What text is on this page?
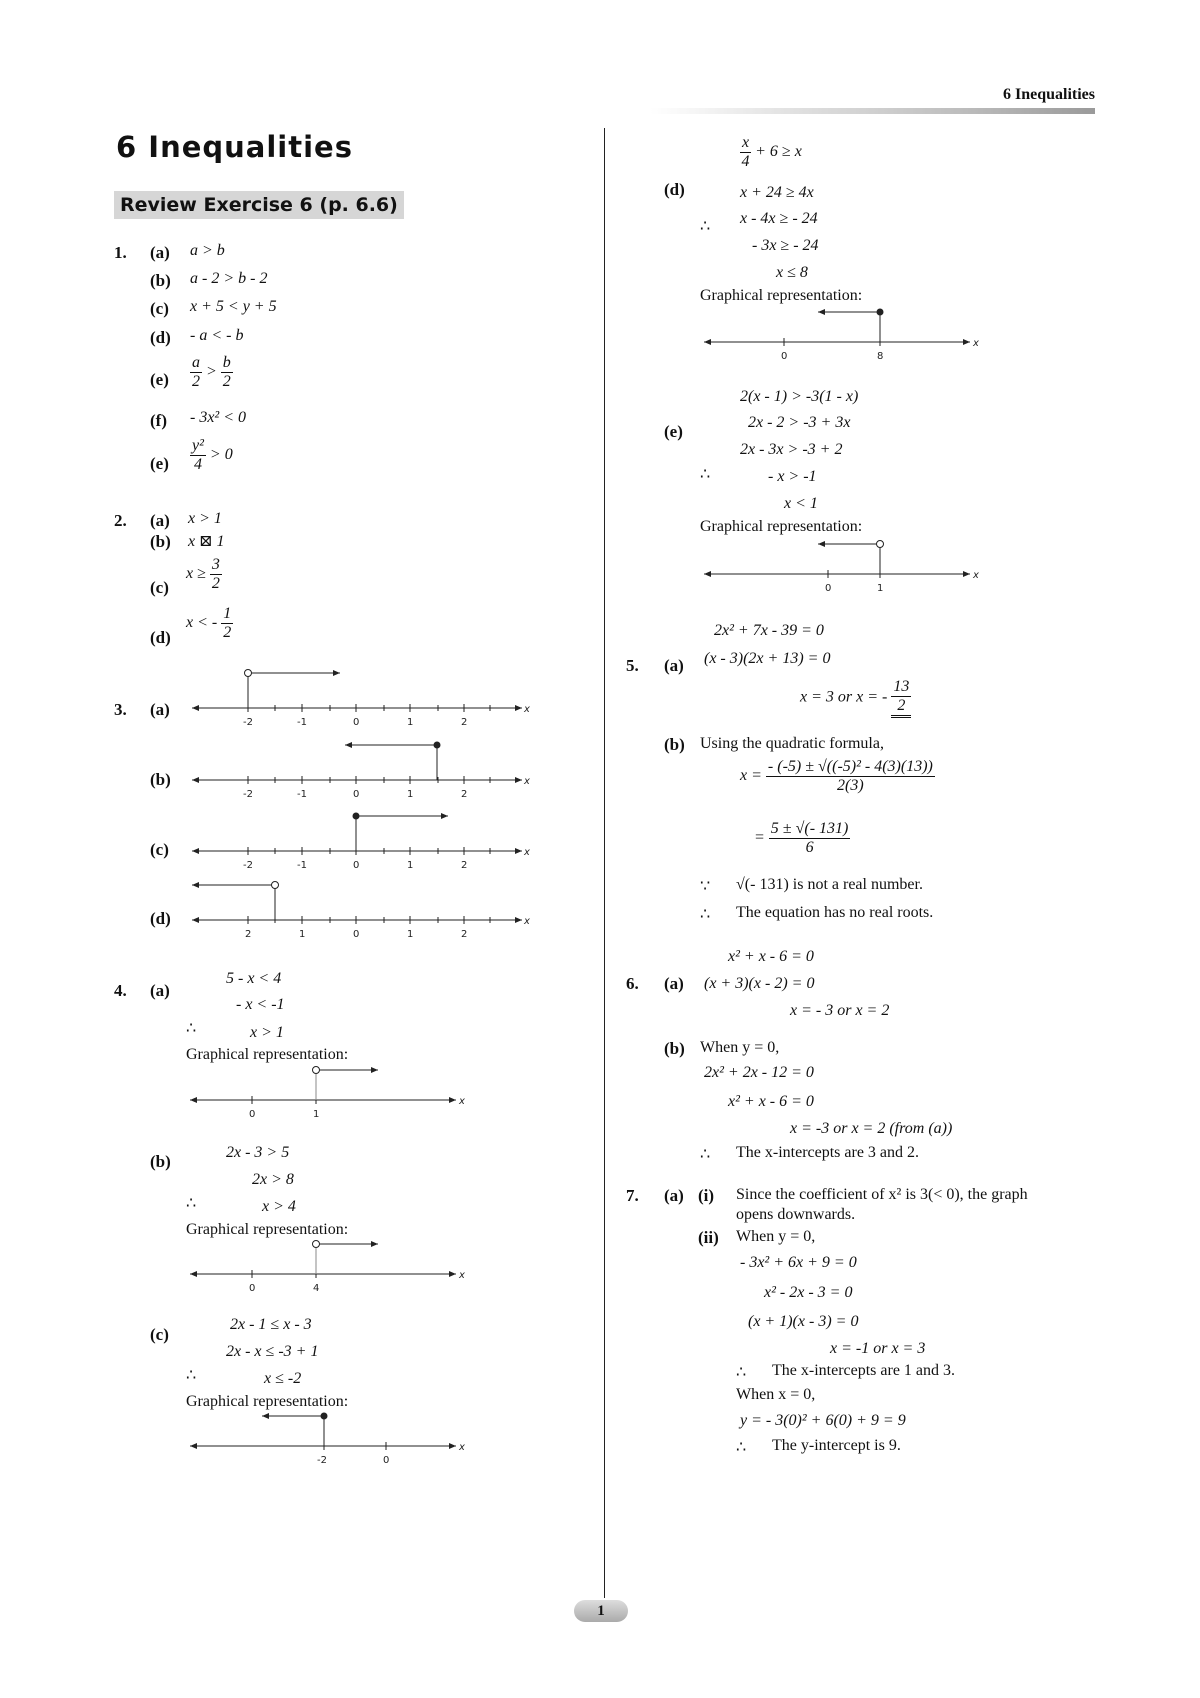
6 Inequalities
6 Inequalities
Review Exercise 6 (p. 6.6)
1. (a) a > b
(b) a - 2 > b - 2
(c) x + 5 < y + 5
(d) - a < - b
$(e) \frac{a}{2} > \frac{b}{2}$
(f) - 3x² < 0
$(e) \frac{\text{y²}}{4} > 0$
2. (a) x > 1
(b) x ⊠ 1
(c)
$x \ge \frac{3}{2}$
(d)
x < - $\frac{1}{2}$
3. (a)
-2	-1	0	1	2
x
(b)
-2	-1	0	1	2
x
(c)
-2	-1	0	1	2
x
(d)
2	1	0	1	2
x
4. (a)
5 - x < 4
- x < -1
∴	x > 1
Graphical representation:
0	1
x
(b)	2x - 3 > 5
2x > 8
∴	x > 4
Graphical representation:
0	4
x
(c)
2x - 1 ≤ x - 3
2x - x ≤ -3 + 1
∴	x ≤ -2
Graphical representation:
-2	0
x
$\frac{x}{4} + 6 \ge x$
(d)	x + 24 ≥ 4x
∴ x - 4x ≥ - 24
- 3x ≥ - 24
x ≤ 8
Graphical representation:
0	8
x
2(x - 1) > -3(1 - x)
(e)	2x - 2 > -3 + 3x
2x - 3x > -3 + 2
∴	- x > -1
x < 1
Graphical representation:
0	1
x
2x² + 7x - 39 = 0
5. (a) (x - 3)(2x + 13) = 0
x = 3 or x = - $\frac{13}{2}$
(b) Using the quadratic formula,
$x = \frac{\text{- (-5) ± √((-5)² - 4(3)(13))}}{2(3)}$
= $\frac{5 \pm √(- 131)}{6}$
∵ √(- 131) is not a real number.
∴ The equation has no real roots.
x² + x - 6 = 0
6. (a) (x + 3)(x - 2) = 0
x = - 3 or x = 2
(b) When y = 0,
2x² + 2x - 12 = 0
x² + x - 6 = 0
x = -3 or x = 2 (from (a))
∴ The x-intercepts are 3 and 2.
7. (a) (i) Since the coefficient of x² is 3(< 0), the graph
opens downwards.
(ii) When y = 0,
- 3x² + 6x + 9 = 0
x² - 2x - 3 = 0
(x + 1)(x - 3) = 0
x = -1 or x = 3
∴ The x-intercepts are 1 and 3.
When x = 0,
y = - 3(0)² + 6(0) + 9 = 9
∴ The y-intercept is 9.
1
